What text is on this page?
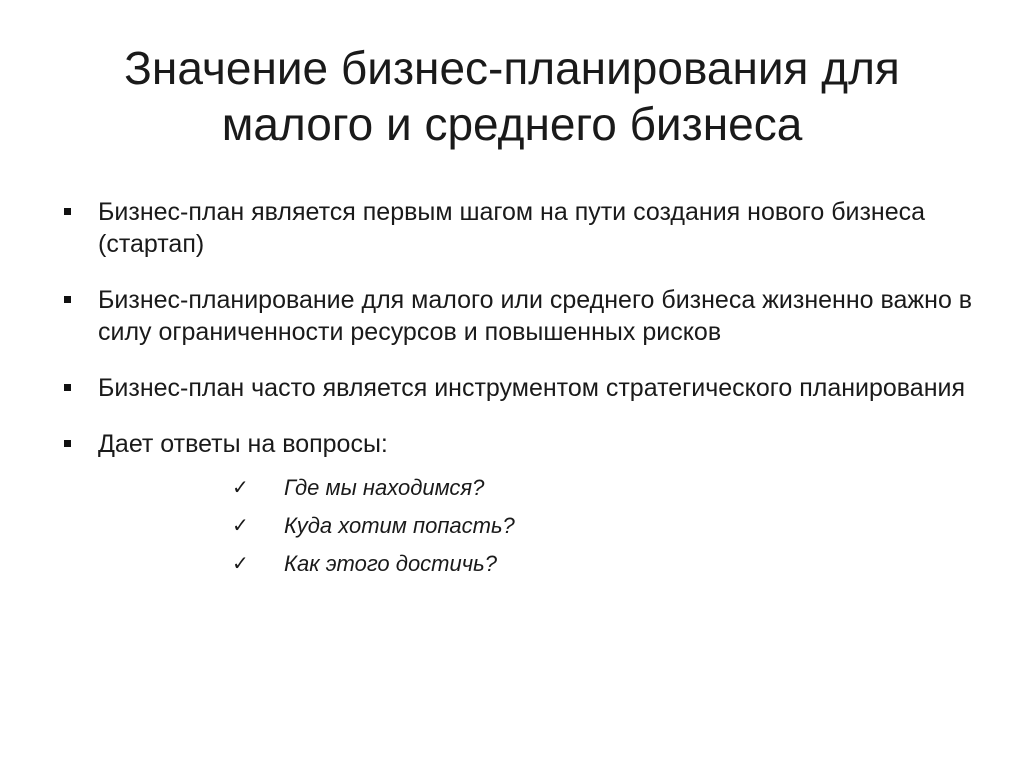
Значение бизнес-планирования для
малого и среднего бизнеса
Бизнес-план является первым шагом на пути создания нового бизнеса (стартап)
Бизнес-планирование для малого или среднего бизнеса жизненно важно в силу ограниченности ресурсов и повышенных рисков
Бизнес-план часто является инструментом стратегического планирования
Дает ответы на вопросы:
✓ Где мы находимся?
✓ Куда хотим попасть?
✓ Как этого достичь?
